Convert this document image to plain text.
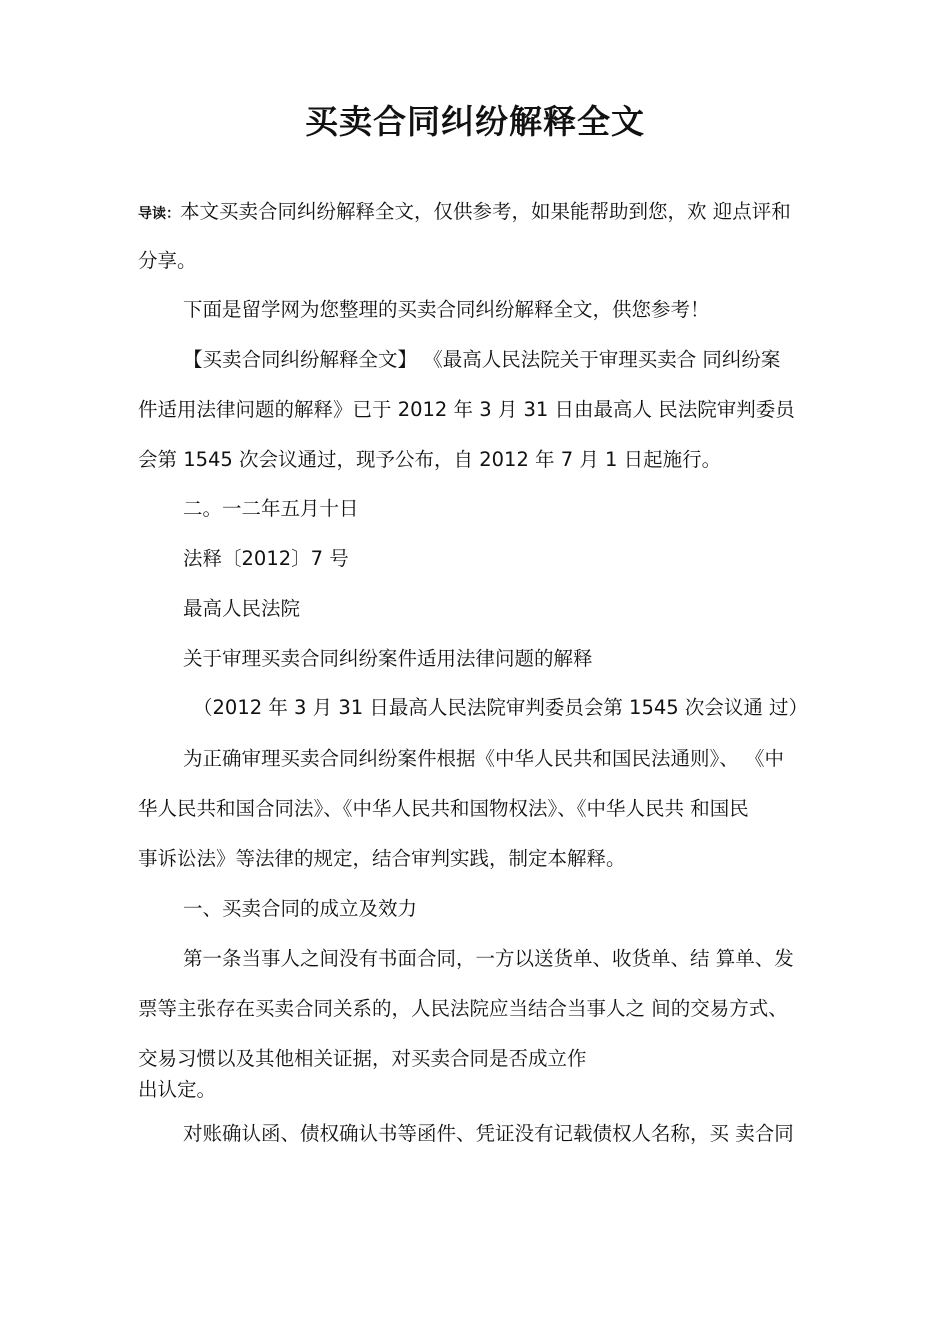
买卖合同纠纷解释全文
导读：本文买卖合同纠纷解释全文，仅供参考，如果能帮助到您，欢 迎点评和
分享。
下面是留学网为您整理的买卖合同纠纷解释全文，供您参考！
【买卖合同纠纷解释全文】 《最高人民法院关于审理买卖合 同纠纷案
件适用法律问题的解释》已于 2012 年 3 月 31 日由最高人 民法院审判委员
会第 1545 次会议通过，现予公布，自 2012 年 7 月 1 日起施行。
二。一二年五月十日
法释〔2012〕7 号
最高人民法院
关于审理买卖合同纠纷案件适用法律问题的解释
（2012 年 3 月 31 日最高人民法院审判委员会第 1545 次会议通 过）
为正确审理买卖合同纠纷案件根据《中华人民共和国民法通则》、 《中
华人民共和国合同法》、《中华人民共和国物权法》、《中华人民共 和国民
事诉讼法》等法律的规定，结合审判实践，制定本解释。
一、买卖合同的成立及效力
第一条当事人之间没有书面合同，一方以送货单、收货单、结 算单、发
票等主张存在买卖合同关系的，人民法院应当结合当事人之 间的交易方式、
交易习惯以及其他相关证据，对买卖合同是否成立作
出认定。
对账确认函、债权确认书等函件、凭证没有记载债权人名称，买 卖合同
